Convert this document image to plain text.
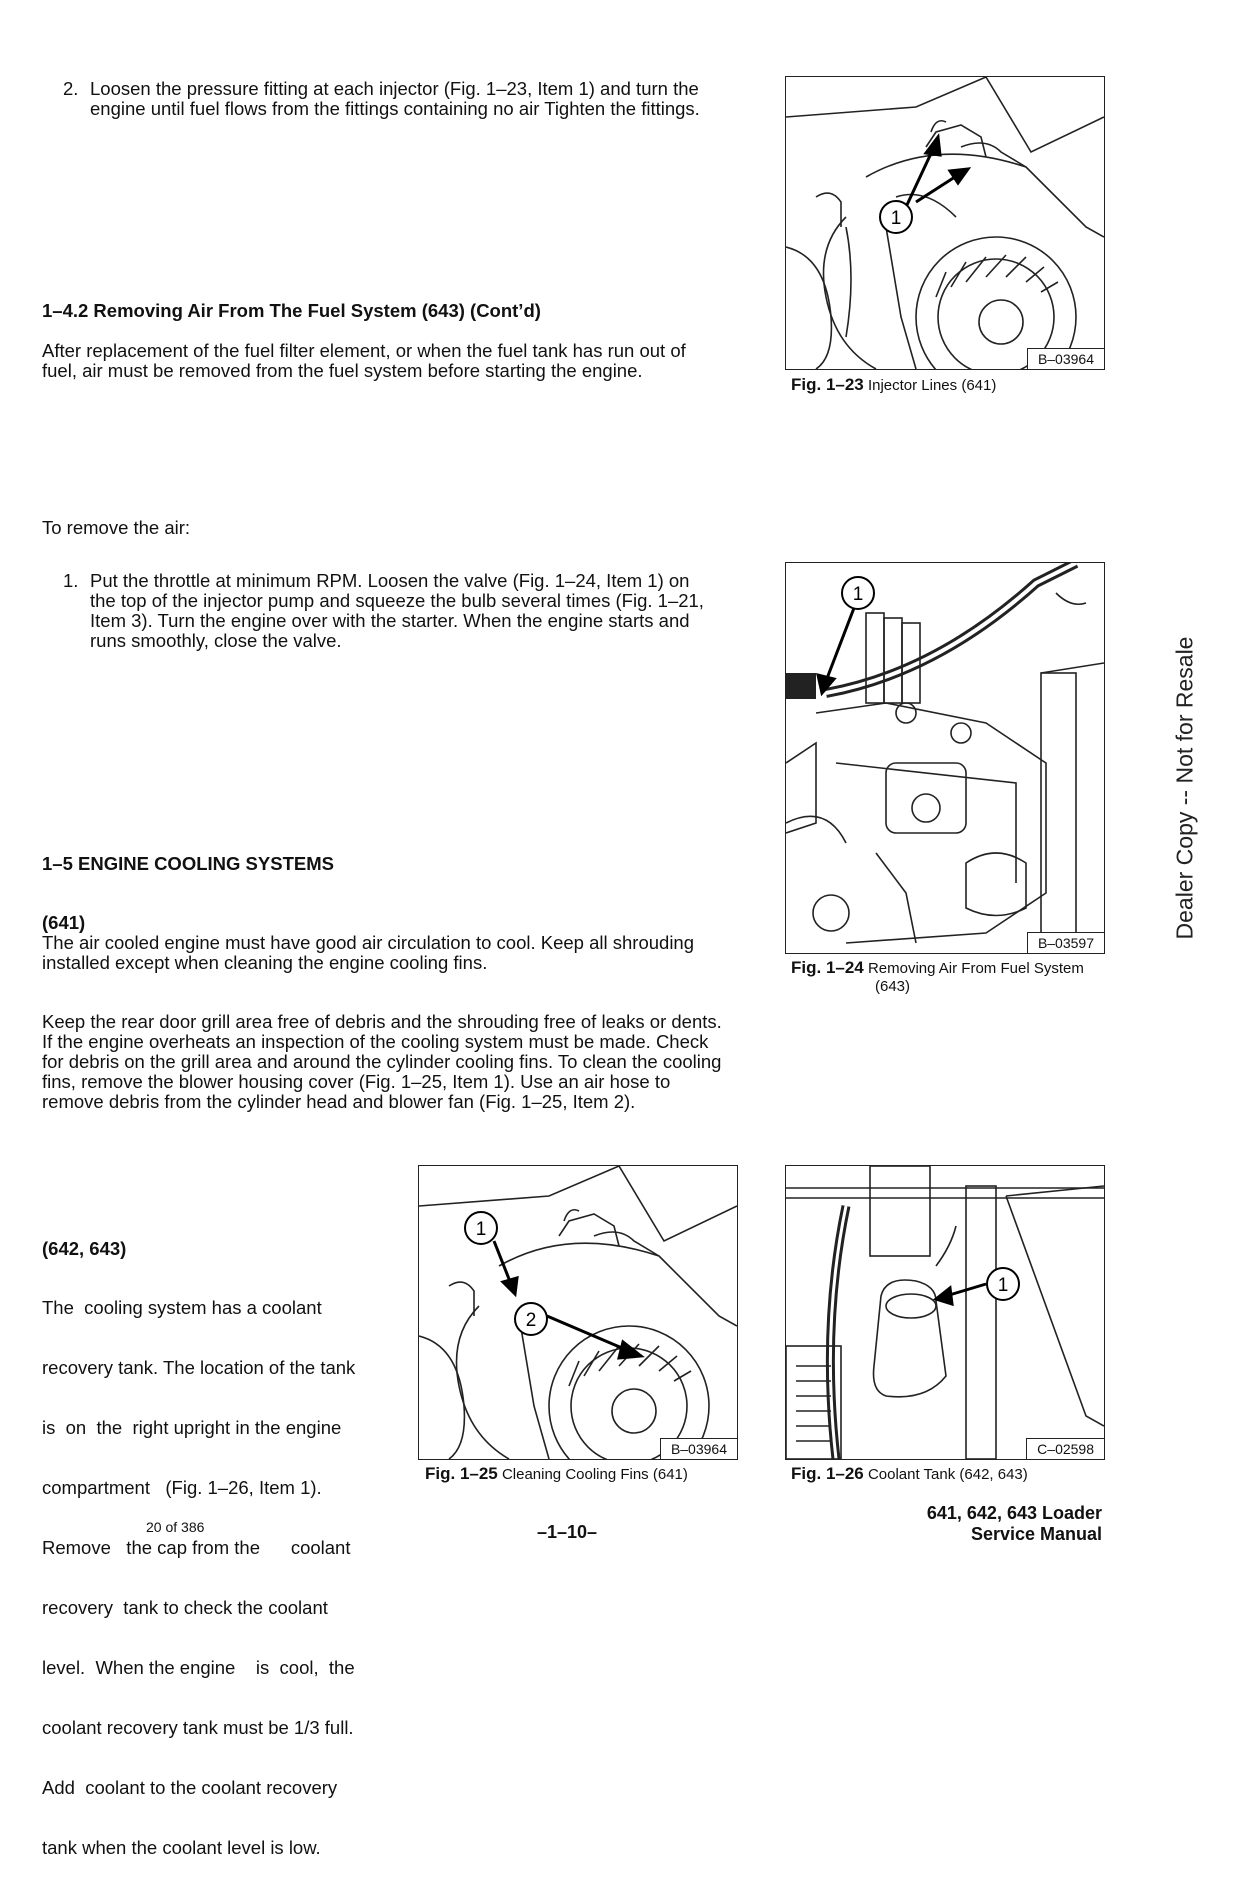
2. Loosen the pressure fitting at each injector (Fig. 1–23, Item 1) and turn the
engine until fuel flows from the fittings containing no air Tighten the fittings.
1–4.2 Removing Air From The Fuel System (643) (Cont’d)
After replacement of the fuel filter element, or when the fuel tank has run out of
fuel, air must be removed from the fuel system before starting the engine.
To remove the air:
1. Put the throttle at minimum RPM. Loosen the valve (Fig. 1–24, Item 1) on
the top of the injector pump and squeeze the bulb several times (Fig. 1–21,
Item 3). Turn the engine over with the starter. When the engine starts and
runs smoothly, close the valve.
1–5 ENGINE COOLING SYSTEMS
(641)
The air cooled engine must have good air circulation to cool. Keep all shrouding
installed except when cleaning the engine cooling fins.
Keep the rear door grill area free of debris and the shrouding free of leaks or dents.
If the engine overheats an inspection of the cooling system must be made. Check
for debris on the grill area and around the cylinder cooling fins. To clean the cooling
fins, remove the blower housing cover (Fig. 1–25, Item 1). Use an air hose to
remove debris from the cylinder head and blower fan (Fig. 1–25, Item 2).
(642, 643)

The  cooling system has a coolant

recovery tank. The location of the tank

is  on  the  right upright in the engine

compartment   (Fig. 1–26, Item 1).

Remove   the cap from the      coolant

recovery  tank to check the coolant

level.  When the engine    is  cool,  the

coolant recovery tank must be 1/3 full.

Add  coolant to the coolant recovery

tank when the coolant level is low.

1
B–03964
Fig. 1–23 Injector Lines (641)
1
B–03597
Fig. 1–24 Removing Air From Fuel System
(643)
1
2
B–03964
Fig. 1–25 Cleaning Cooling Fins (641)
1
C–02598
Fig. 1–26 Coolant Tank (642, 643)
Dealer Copy -- Not for Resale
20 of 386	–1–10–
641, 642, 643 Loader
Service Manual
